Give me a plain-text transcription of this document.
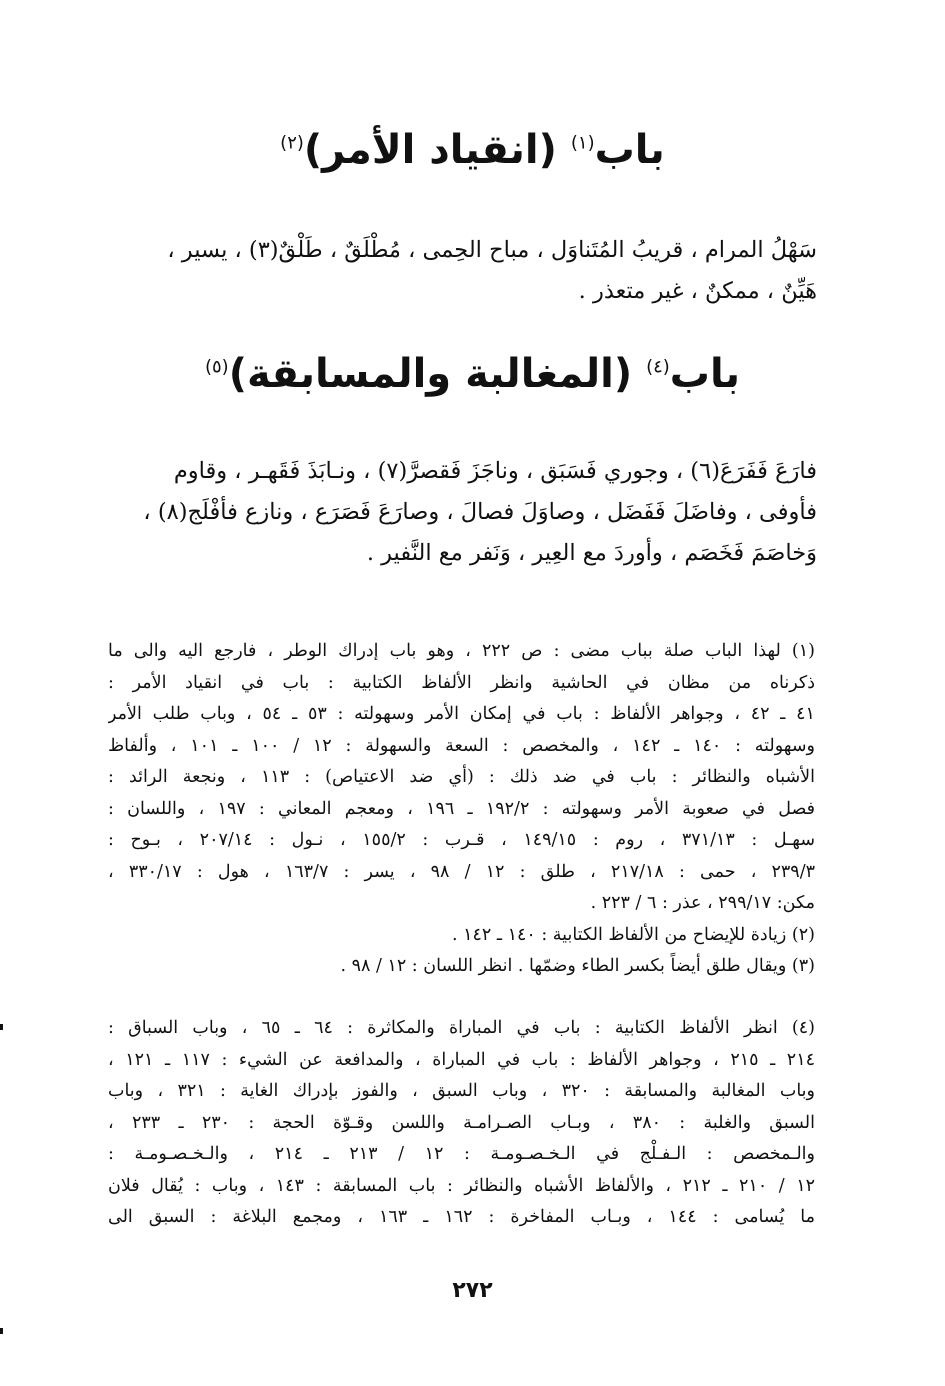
باب$^{(١)}$ (انقياد الأمر)$^{(٢)}$
سَهْلُ المرام ، قريبُ المُتَناوَل ، مباح الحِمى ، مُطْلَقٌ ، طَلْقٌ(٣) ، يسير ،
هَيِّنٌ ، ممكنٌ ، غير متعذر .
باب$^{(٤)}$ (المغالبة والمسابقة)$^{(٥)}$
فارَعَ فَفَرَعَ(٦) ، وجوري فَسَبَق ، وناجَزَ فَقصرَّ(٧) ، ونـابَذَ فَقَهـر ، وقاوم
فأوفى ، وفاضَلَ فَفَضَل ، وصاوَلَ فصالَ ، وصارَعَ فَصَرَع ، ونازع فأفْلَج(٨) ،
وَخاصَمَ فَخَصَم ، وأوردَ مع العِير ، وَنَفر مع النَّفير .
(١) لهذا الباب صلة بباب مضى : ص ٢٢٢ ، وهو باب إدراك الوطر ، فارجع اليه والى ما
ذكرناه من مظان في الحاشية وانظر الألفاظ الكتابية : باب في انقياد الأمر :
٤١ ـ ٤٢ ، وجواهر الألفاظ : باب في إمكان الأمر وسهولته : ٥٣ ـ ٥٤ ، وباب طلب الأمر
وسهولته : ١٤٠ ـ ١٤٢ ، والمخصص : السعة والسهولة : ١٢ / ١٠٠ ـ ١٠١ ، وألفاظ
الأشباه والنظائر : باب في ضد ذلك : (أي ضد الاعتياص) : ١١٣ ، ونجعة الرائد :
فصل في صعوبة الأمر وسهولته : ١٩٢/٢ ـ ١٩٦ ، ومعجم المعاني : ١٩٧ ، واللسان :
سهـل : ٣٧١/١٣ ، روم : ١٤٩/١٥ ، قـرب : ١٥٥/٢ ، نـول : ٢٠٧/١٤ ، بـوح :
٢٣٩/٣ ، حمى : ٢١٧/١٨ ، طلق : ١٢ / ٩٨ ، يسر : ١٦٣/٧ ، هول : ٣٣٠/١٧ ،
مكن: ٢٩٩/١٧ ، عذر : ٦ / ٢٢٣ .
(٢) زيادة للإيضاح من الألفاظ الكتابية : ١٤٠ ـ ١٤٢ .
(٣) ويقال طلق أيضاً بكسر الطاء وضمّها . انظر اللسان : ١٢ / ٩٨ .
(٤) انظر الألفاظ الكتابية : باب في المباراة والمكاثرة : ٦٤ ـ ٦٥ ، وباب السباق :
٢١٤ ـ ٢١٥ ، وجواهر الألفاظ : باب في المباراة ، والمدافعة عن الشيء : ١١٧ ـ ١٢١ ،
وباب المغالبة والمسابقة : ٣٢٠ ، وباب السبق ، والفوز بإدراك الغاية : ٣٢١ ، وباب
السبق والغلبة : ٣٨٠ ، وبـاب الصـرامـة واللسن وقـوّة الحجة : ٢٣٠ ـ ٢٣٣ ،
والـمخصص : الـفـلْج في الـخـصـومـة : ١٢ / ٢١٣ ـ ٢١٤ ، والـخـصـومـة :
١٢ / ٢١٠ ـ ٢١٢ ، والألفاظ الأشباه والنظائر : باب المسابقة : ١٤٣ ، وباب : يُقال فلان
ما يُسامى : ١٤٤ ، وبـاب المفاخرة : ١٦٢ ـ ١٦٣ ، ومجمع البلاغة : السبق الى
٢٧٢
